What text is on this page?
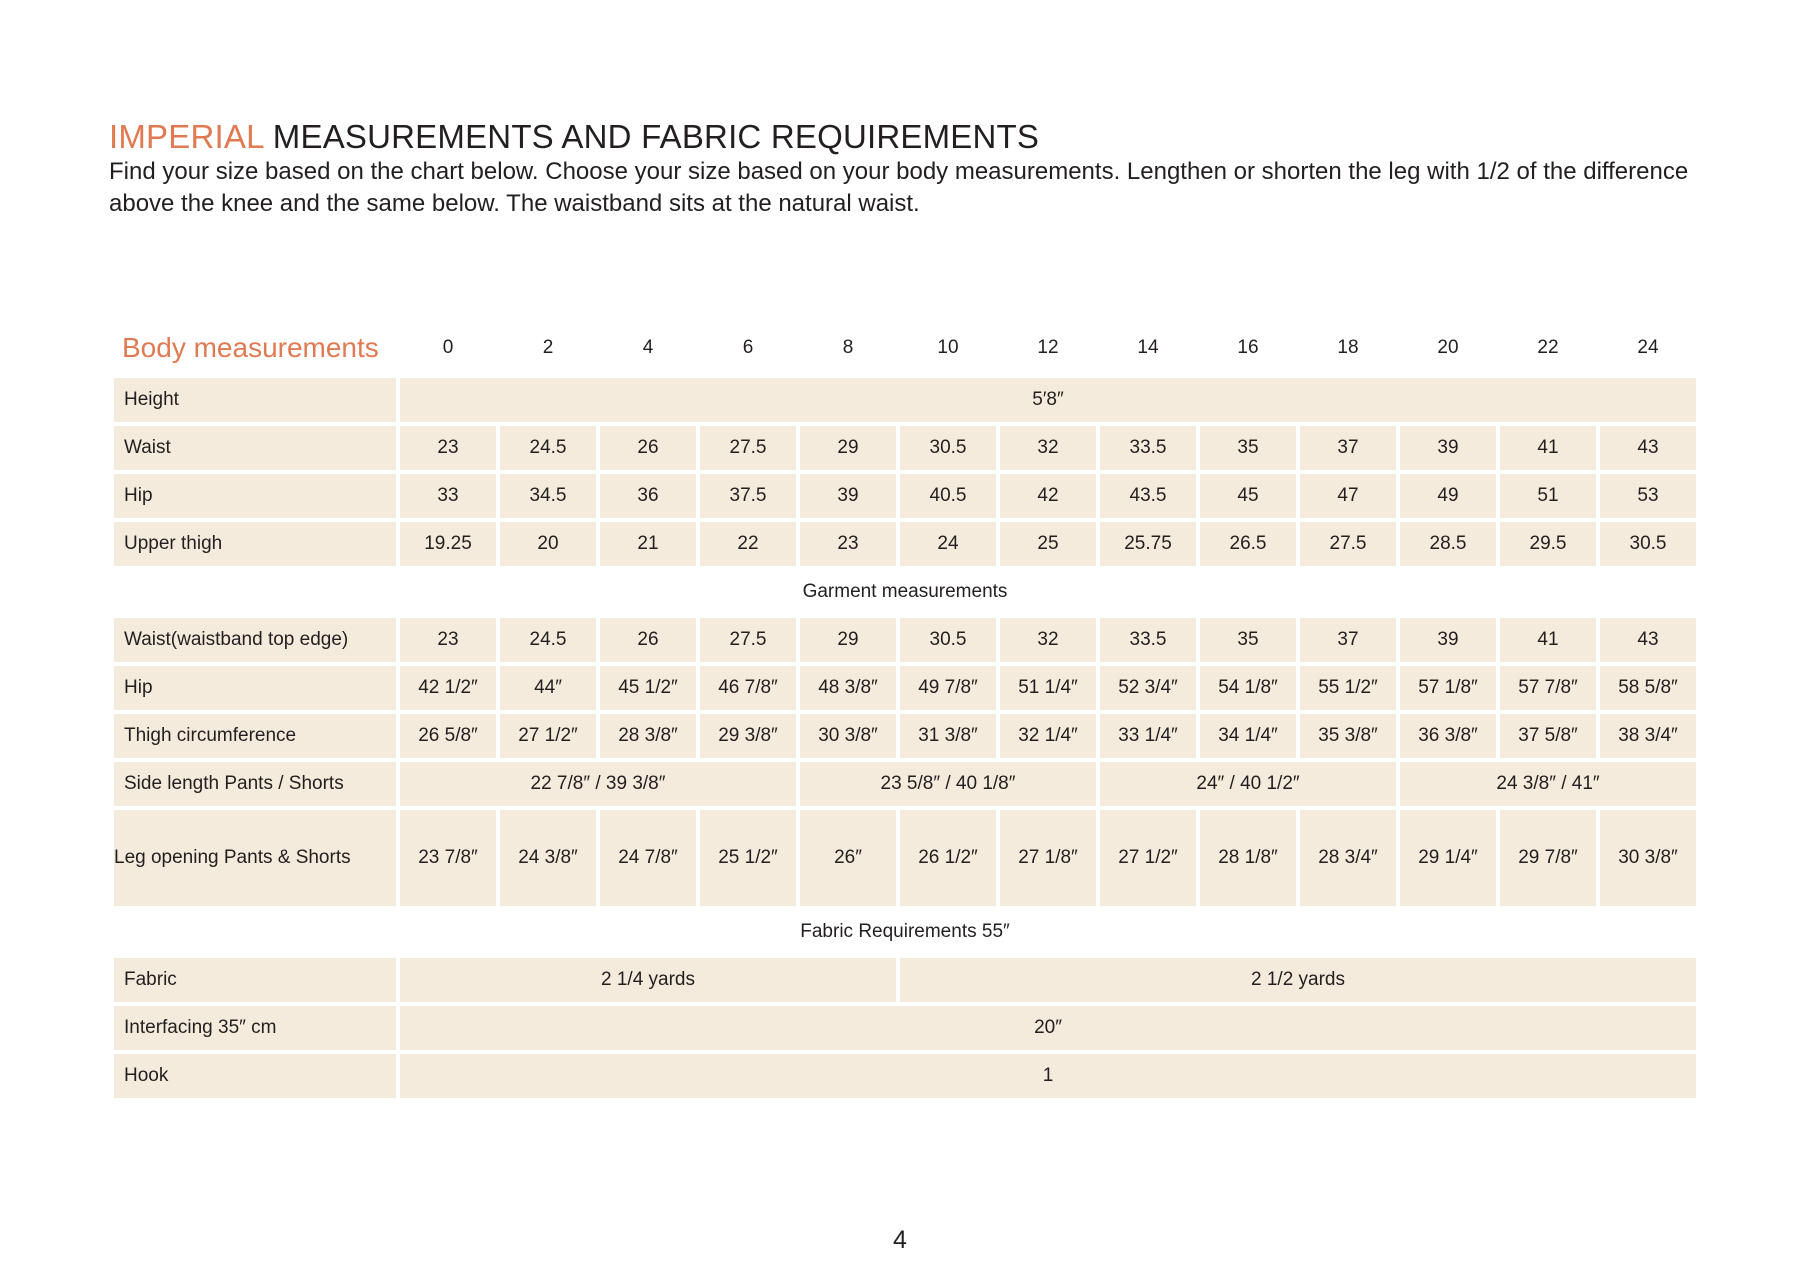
IMPERIAL MEASUREMENTS AND FABRIC REQUIREMENTS

Find your size based on the chart below. Choose your size based on your body measurements. Lengthen or shorten the leg with 1/2 of the difference above the knee and the same below. The waistband sits at the natural waist.

Body measurements	0	2	4	6	8	10	12	14	16	18	20	22	24
Height	5′8″												
Waist	23	24.5	26	27.5	29	30.5	32	33.5	35	37	39	41	43
Hip	33	34.5	36	37.5	39	40.5	42	43.5	45	47	49	51	53
Upper thigh	19.25	20	21	22	23	24	25	25.75	26.5	27.5	28.5	29.5	30.5
Garment measurements													
Waist(waistband top edge)	23	24.5	26	27.5	29	30.5	32	33.5	35	37	39	41	43
Hip	42 1/2″	44″	45 1/2″	46 7/8″	48 3/8″	49 7/8″	51 1/4″	52 3/4″	54 1/8″	55 1/2″	57 1/8″	57 7/8″	58 5/8″
Thigh circumference	26 5/8″	27 1/2″	28 3/8″	29 3/8″	30 3/8″	31 3/8″	32 1/4″	33 1/4″	34 1/4″	35 3/8″	36 3/8″	37 5/8″	38 3/4″
Side length Pants / Shorts	22 7/8″ / 39 3/8″				23 5/8″ / 40 1/8″			24″ / 40 1/2″			24 3/8″ / 41″		
Leg opening Pants & Shorts	23 7/8″	24 3/8″	24 7/8″	25 1/2″	26″	26 1/2″	27 1/8″	27 1/2″	28 1/8″	28 3/4″	29 1/4″	29 7/8″	30 3/8″
Fabric Requirements 55″													
Fabric	2 1/4 yards					2 1/2 yards							
Interfacing 35″ cm	20″												
Hook	1												
4
